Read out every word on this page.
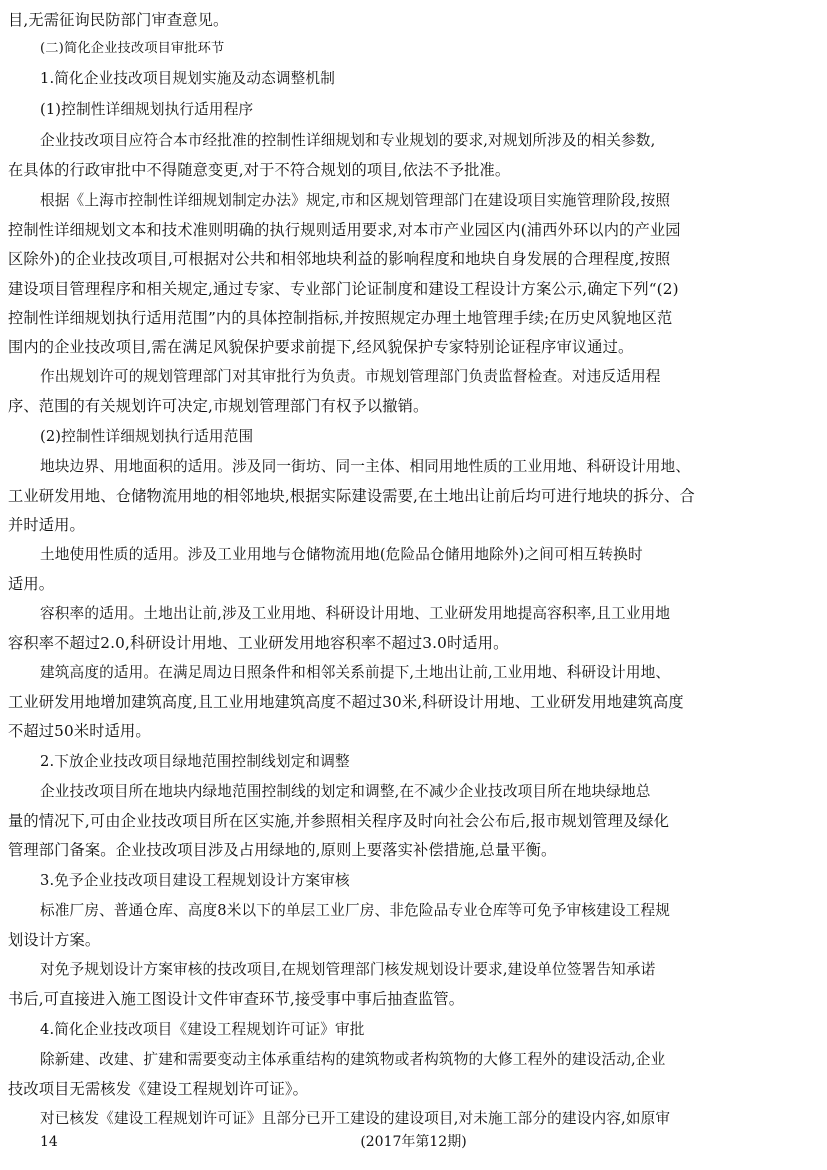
目,无需征询民防部门审查意见。
(二)简化企业技改项目审批环节
1.简化企业技改项目规划实施及动态调整机制
(1)控制性详细规划执行适用程序
企业技改项目应符合本市经批准的控制性详细规划和专业规划的要求,对规划所涉及的相关参数,
在具体的行政审批中不得随意变更,对于不符合规划的项目,依法不予批准。
根据《上海市控制性详细规划制定办法》规定,市和区规划管理部门在建设项目实施管理阶段,按照
控制性详细规划文本和技术准则明确的执行规则适用要求,对本市产业园区内(浦西外环以内的产业园
区除外)的企业技改项目,可根据对公共和相邻地块利益的影响程度和地块自身发展的合理程度,按照
建设项目管理程序和相关规定,通过专家、专业部门论证制度和建设工程设计方案公示,确定下列“(2)
控制性详细规划执行适用范围”内的具体控制指标,并按照规定办理土地管理手续;在历史风貌地区范
围内的企业技改项目,需在满足风貌保护要求前提下,经风貌保护专家特别论证程序审议通过。
作出规划许可的规划管理部门对其审批行为负责。市规划管理部门负责监督检查。对违反适用程
序、范围的有关规划许可决定,市规划管理部门有权予以撤销。
(2)控制性详细规划执行适用范围
地块边界、用地面积的适用。涉及同一街坊、同一主体、相同用地性质的工业用地、科研设计用地、
工业研发用地、仓储物流用地的相邻地块,根据实际建设需要,在土地出让前后均可进行地块的拆分、合
并时适用。
土地使用性质的适用。涉及工业用地与仓储物流用地(危险品仓储用地除外)之间可相互转换时
适用。
容积率的适用。土地出让前,涉及工业用地、科研设计用地、工业研发用地提高容积率,且工业用地
容积率不超过2.0,科研设计用地、工业研发用地容积率不超过3.0时适用。
建筑高度的适用。在满足周边日照条件和相邻关系前提下,土地出让前,工业用地、科研设计用地、
工业研发用地增加建筑高度,且工业用地建筑高度不超过30米,科研设计用地、工业研发用地建筑高度
不超过50米时适用。
2.下放企业技改项目绿地范围控制线划定和调整
企业技改项目所在地块内绿地范围控制线的划定和调整,在不减少企业技改项目所在地块绿地总
量的情况下,可由企业技改项目所在区实施,并参照相关程序及时向社会公布后,报市规划管理及绿化
管理部门备案。企业技改项目涉及占用绿地的,原则上要落实补偿措施,总量平衡。
3.免予企业技改项目建设工程规划设计方案审核
标准厂房、普通仓库、高度8米以下的单层工业厂房、非危险品专业仓库等可免予审核建设工程规
划设计方案。
对免予规划设计方案审核的技改项目,在规划管理部门核发规划设计要求,建设单位签署告知承诺
书后,可直接进入施工图设计文件审查环节,接受事中事后抽查监管。
4.简化企业技改项目《建设工程规划许可证》审批
除新建、改建、扩建和需要变动主体承重结构的建筑物或者构筑物的大修工程外的建设活动,企业
技改项目无需核发《建设工程规划许可证》。
对已核发《建设工程规划许可证》且部分已开工建设的建设项目,对未施工部分的建设内容,如原审
14	(2017年第12期)
